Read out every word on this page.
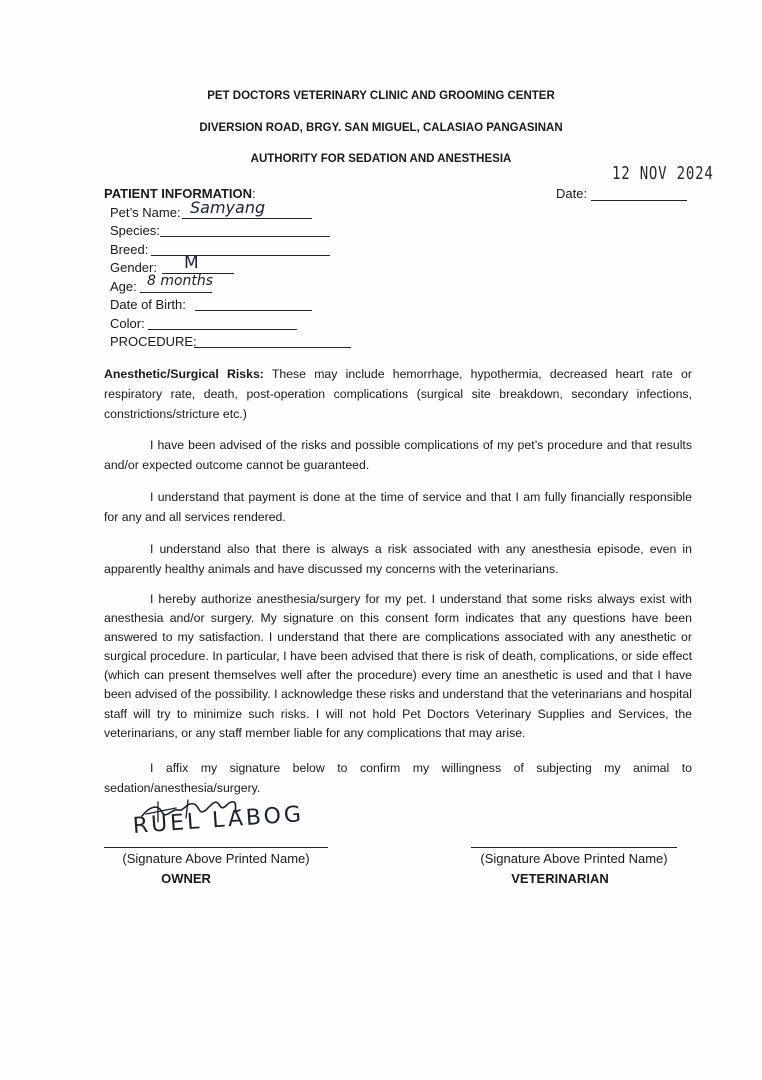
PET DOCTORS VETERINARY CLINIC AND GROOMING CENTER
DIVERSION ROAD, BRGY. SAN MIGUEL, CALASIAO PANGASINAN
AUTHORITY FOR SEDATION AND ANESTHESIA
12 NOV 2024
Date:
PATIENT INFORMATION:
Pet’s Name: Samyang
Species:
Breed:
Gender: M
Age: 8 months
Date of Birth:
Color:
PROCEDURE:
Anesthetic/Surgical Risks: These may include hemorrhage, hypothermia, decreased heart rate or respiratory rate, death, post-operation complications (surgical site breakdown, secondary infections, constrictions/stricture etc.)
I have been advised of the risks and possible complications of my pet’s procedure and that results and/or expected outcome cannot be guaranteed.
I understand that payment is done at the time of service and that I am fully financially responsible for any and all services rendered.
I understand also that there is always a risk associated with any anesthesia episode, even in apparently healthy animals and have discussed my concerns with the veterinarians.
I hereby authorize anesthesia/surgery for my pet. I understand that some risks always exist with anesthesia and/or surgery. My signature on this consent form indicates that any questions have been answered to my satisfaction. I understand that there are complications associated with any anesthetic or surgical procedure. In particular, I have been advised that there is risk of death, complications, or side effect (which can present themselves well after the procedure) every time an anesthetic is used and that I have been advised of the possibility. I acknowledge these risks and understand that the veterinarians and hospital staff will try to minimize such risks. I will not hold Pet Doctors Veterinary Supplies and Services, the veterinarians, or any staff member liable for any complications that may arise.
I affix my signature below to confirm my willingness of subjecting my animal to sedation/anesthesia/surgery.
RUEL LABOG
(Signature Above Printed Name)
OWNER
(Signature Above Printed Name)
VETERINARIAN
